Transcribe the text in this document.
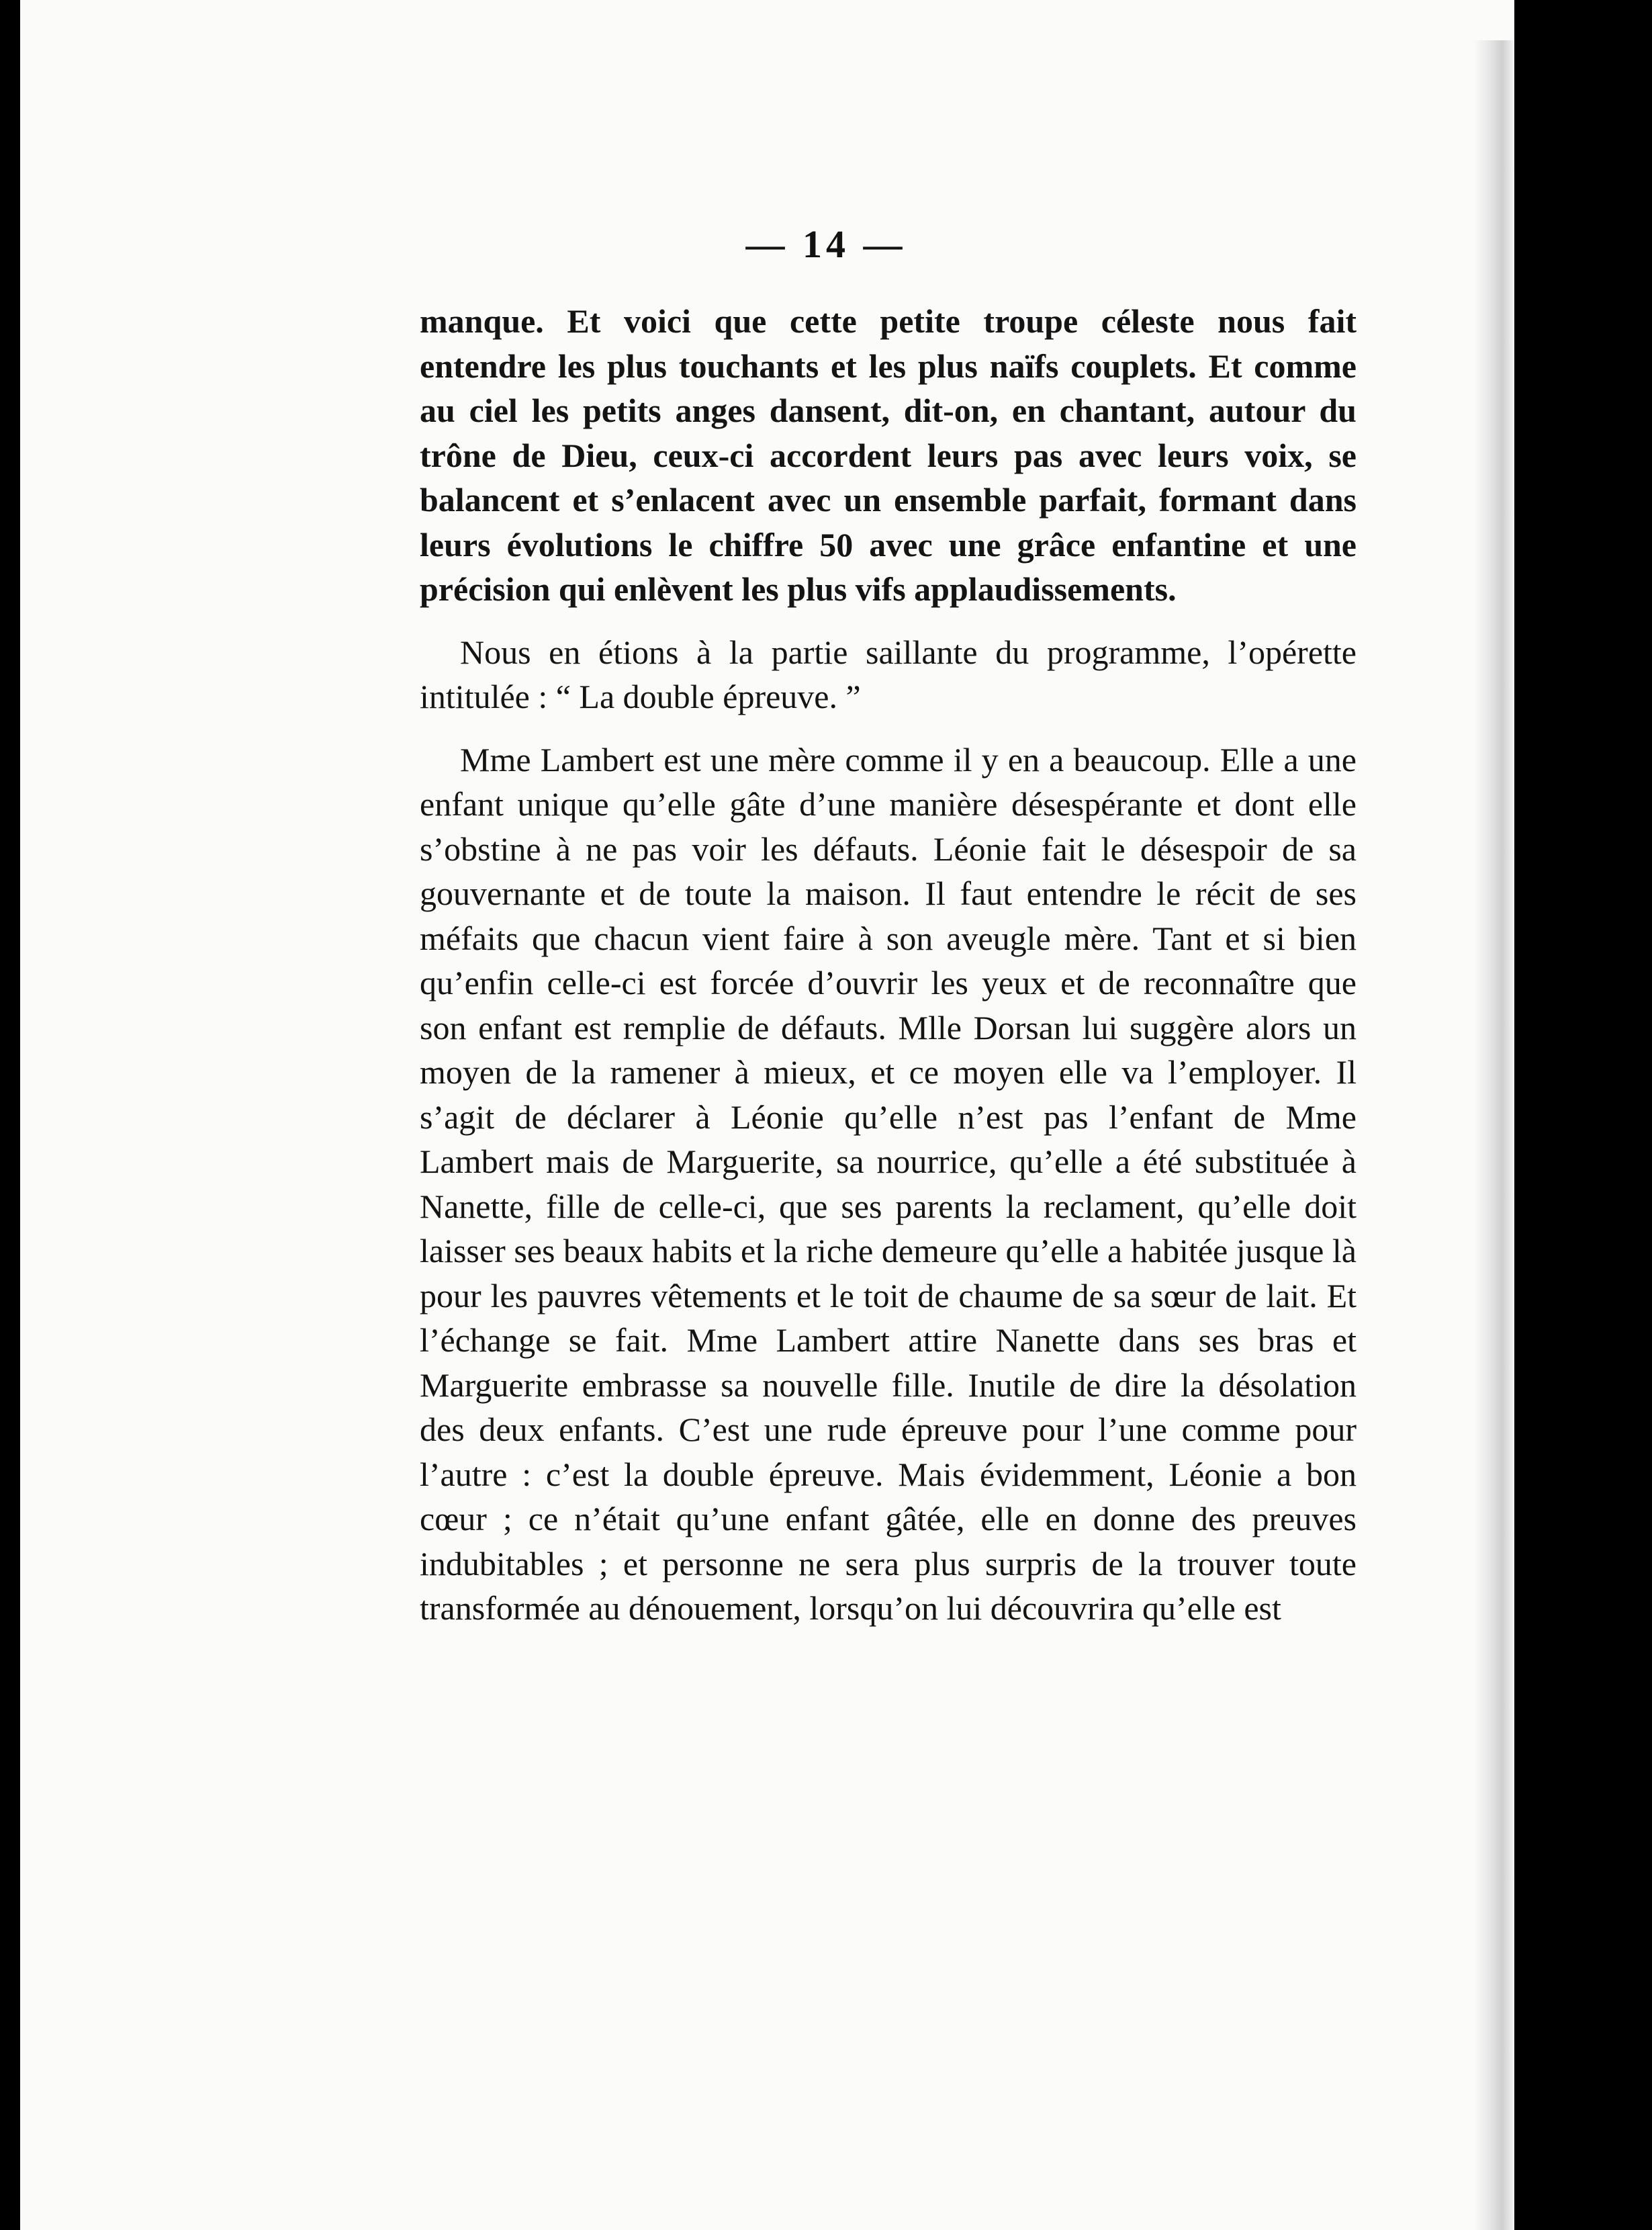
— 14 —

manque. Et voici que cette petite troupe céleste nous fait entendre les plus touchants et les plus naïfs couplets. Et comme au ciel les petits anges dansent, dit-on, en chantant, autour du trône de Dieu, ceux-ci accordent leurs pas avec leurs voix, se balancent et s’enlacent avec un ensemble parfait, formant dans leurs évolutions le chiffre 50 avec une grâce enfantine et une précision qui enlèvent les plus vifs applaudissements.

Nous en étions à la partie saillante du programme, l’opérette intitulée : “ La double épreuve. ”

Mme Lambert est une mère comme il y en a beaucoup. Elle a une enfant unique qu’elle gâte d’une manière désespérante et dont elle s’obstine à ne pas voir les défauts. Léonie fait le désespoir de sa gouvernante et de toute la maison. Il faut entendre le récit de ses méfaits que chacun vient faire à son aveugle mère. Tant et si bien qu’enfin celle-ci est forcée d’ouvrir les yeux et de reconnaître que son enfant est remplie de défauts. Mlle Dorsan lui suggère alors un moyen de la ramener à mieux, et ce moyen elle va l’employer. Il s’agit de déclarer à Léonie qu’elle n’est pas l’enfant de Mme Lambert mais de Marguerite, sa nourrice, qu’elle a été substituée à Nanette, fille de celle-ci, que ses parents la reclament, qu’elle doit laisser ses beaux habits et la riche demeure qu’elle a habitée jusque là pour les pauvres vêtements et le toit de chaume de sa sœur de lait. Et l’échange se fait. Mme Lambert attire Nanette dans ses bras et Marguerite embrasse sa nouvelle fille. Inutile de dire la désolation des deux enfants. C’est une rude épreuve pour l’une comme pour l’autre : c’est la double épreuve. Mais évidemment, Léonie a bon cœur ; ce n’était qu’une enfant gâtée, elle en donne des preuves indubitables ; et personne ne sera plus surpris de la trouver toute transformée au dénouement, lorsqu’on lui découvrira qu’elle est
